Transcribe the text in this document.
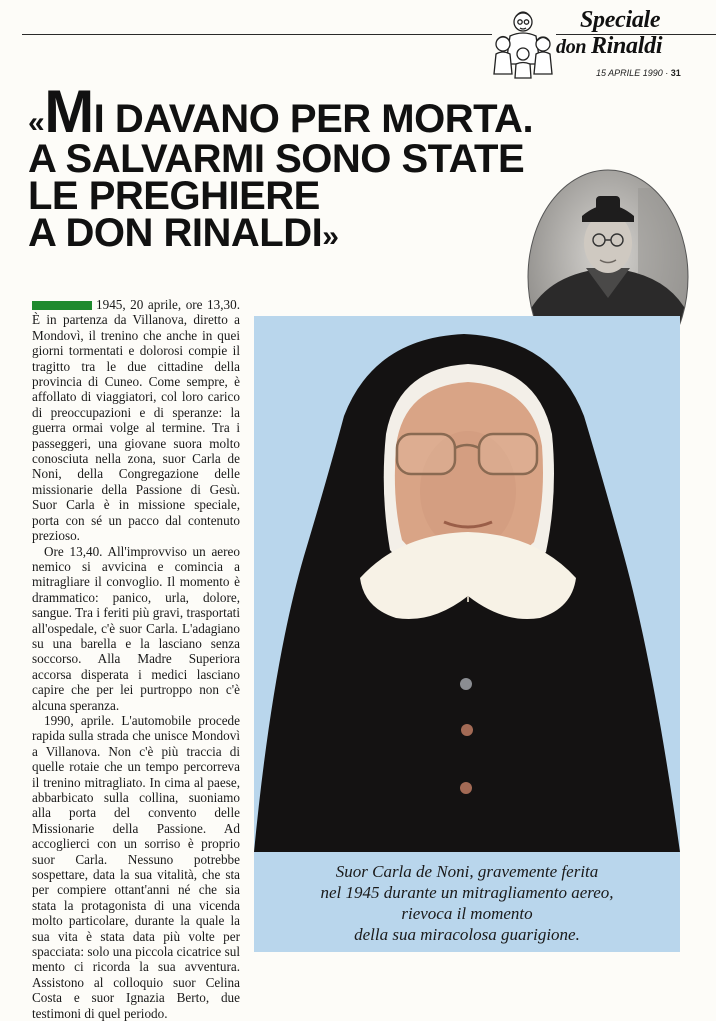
Speciale
don Rinaldi
15 APRILE 1990 · 31
«MI DAVANO PER MORTA.
A SALVARMI SONO STATE
LE PREGHIERE
A DON RINALDI»

1945, 20 aprile, ore 13,30. È in partenza da Villanova, diretto a Mondovì, il trenino che anche in quei giorni tormentati e dolorosi compie il tragitto tra le due cittadine della provincia di Cuneo. Come sempre, è affollato di viaggiatori, col loro carico di preoccupazioni e di speranze: la guerra ormai volge al termine. Tra i passeggeri, una giovane suora molto conosciuta nella zona, suor Carla de Noni, della Congregazione delle missionarie della Passione di Gesù. Suor Carla è in missione speciale, porta con sé un pacco dal contenuto prezioso.

Ore 13,40. All'improvviso un aereo nemico si avvicina e comincia a mitragliare il convoglio. Il momento è drammatico: panico, urla, dolore, sangue. Tra i feriti più gravi, trasportati all'ospedale, c'è suor Carla. L'adagiano su una barella e la lasciano senza soccorso. Alla Madre Superiora accorsa disperata i medici lasciano capire che per lei purtroppo non c'è alcuna speranza.

1990, aprile. L'automobile procede rapida sulla strada che unisce Mondovì a Villanova. Non c'è più traccia di quelle rotaie che un tempo percorreva il trenino mitragliato. In cima al paese, abbarbicato sulla collina, suoniamo alla porta del convento delle Missionarie della Passione. Ad accoglierci con un sorriso è proprio suor Carla. Nessuno potrebbe sospettare, data la sua vitalità, che sta per compiere ottant'anni né che sia stata la protagonista di una vicenda molto particolare, durante la quale la sua vita è stata data più volte per spacciata: solo una piccola cicatrice sul mento ci ricorda la sua avventura. Assistono al colloquio suor Celina Costa e suor Ignazia Berto, due testimoni di quel periodo.

Suor Carla de Noni, gravemente ferita
nel 1945 durante un mitragliamento aereo,
rievoca il momento
della sua miracolosa guarigione.
